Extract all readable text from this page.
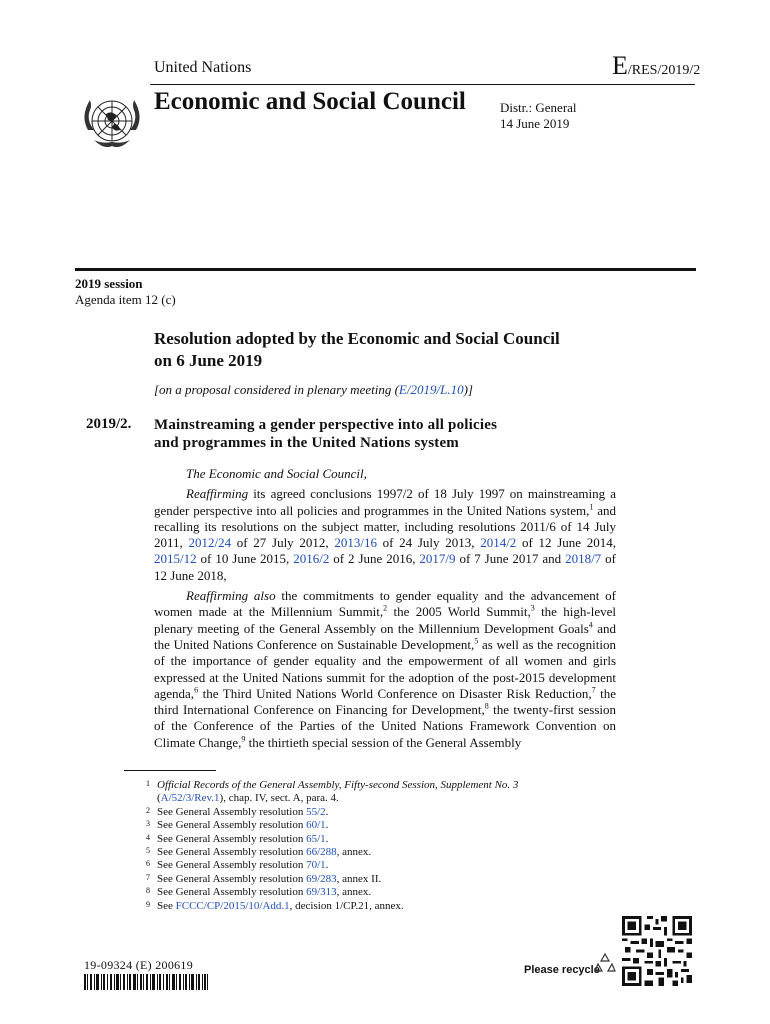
United Nations	E/RES/2019/2
Economic and Social Council	Distr.: General
14 June 2019
2019 session
Agenda item 12 (c)
Resolution adopted by the Economic and Social Council
on 6 June 2019
[on a proposal considered in plenary meeting (E/2019/L.10)]
2019/2. Mainstreaming a gender perspective into all policies
and programmes in the United Nations system

The Economic and Social Council,

Reaffirming its agreed conclusions 1997/2 of 18 July 1997 on mainstreaming a gender perspective into all policies and programmes in the United Nations system,$^1$ and recalling its resolutions on the subject matter, including resolutions 2011/6 of 14 July 2011, 2012/24 of 27 July 2012, 2013/16 of 24 July 2013, 2014/2 of 12 June 2014, 2015/12 of 10 June 2015, 2016/2 of 2 June 2016, 2017/9 of 7 June 2017 and 2018/7 of 12 June 2018,

Reaffirming also the commitments to gender equality and the advancement of women made at the Millennium Summit,$^2$ the 2005 World Summit,$^3$ the high-level plenary meeting of the General Assembly on the Millennium Development Goals$^4$ and the United Nations Conference on Sustainable Development,$^5$ as well as the recognition of the importance of gender equality and the empowerment of all women and girls expressed at the United Nations summit for the adoption of the post-2015 development agenda,$^6$ the Third United Nations World Conference on Disaster Risk Reduction,$^7$ the third International Conference on Financing for Development,$^8$ the twenty-first session of the Conference of the Parties of the United Nations Framework Convention on Climate Change,$^9$ the thirtieth special session of the General Assembly

1 Official Records of the General Assembly, Fifty-second Session, Supplement No. 3
(A/52/3/Rev.1), chap. IV, sect. A, para. 4.
2 See General Assembly resolution 55/2.
3 See General Assembly resolution 60/1.
4 See General Assembly resolution 65/1.
5 See General Assembly resolution 66/288, annex.
6 See General Assembly resolution 70/1.
7 See General Assembly resolution 69/283, annex II.
8 See General Assembly resolution 69/313, annex.
9 See FCCC/CP/2015/10/Add.1, decision 1/CP.21, annex.
19-09324 (E) 200619	Please recycle
